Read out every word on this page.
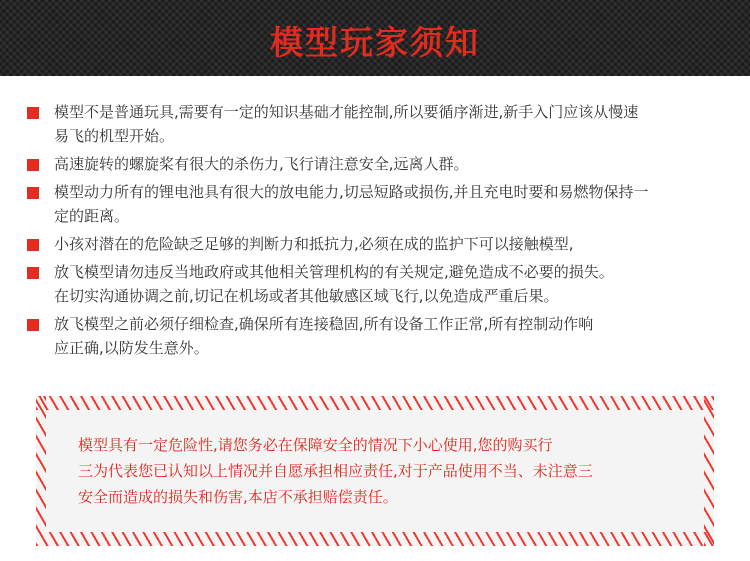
模型玩家须知
模型不是普通玩具,需要有一定的知识基础才能控制,所以要循序渐进,新手入门应该从慢速
易飞的机型开始。
高速旋转的螺旋桨有很大的杀伤力,飞行请注意安全,远离人群。
模型动力所有的锂电池具有很大的放电能力,切忌短路或损伤,并且充电时要和易燃物保持一
定的距离。
小孩对潜在的危险缺乏足够的判断力和抵抗力,必须在成的监护下可以接触模型,
放飞模型请勿违反当地政府或其他相关管理机构的有关规定,避免造成不必要的损失。
在切实沟通协调之前,切记在机场或者其他敏感区域飞行,以免造成严重后果。
放飞模型之前必须仔细检查,确保所有连接稳固,所有设备工作正常,所有控制动作响
应正确,以防发生意外。
模型具有一定危险性,请您务必在保障安全的情况下小心使用,您的购买行
三为代表您已认知以上情况并自愿承担相应责任,对于产品使用不当、未注意三
安全而造成的损失和伤害,本店不承担赔偿责任。
